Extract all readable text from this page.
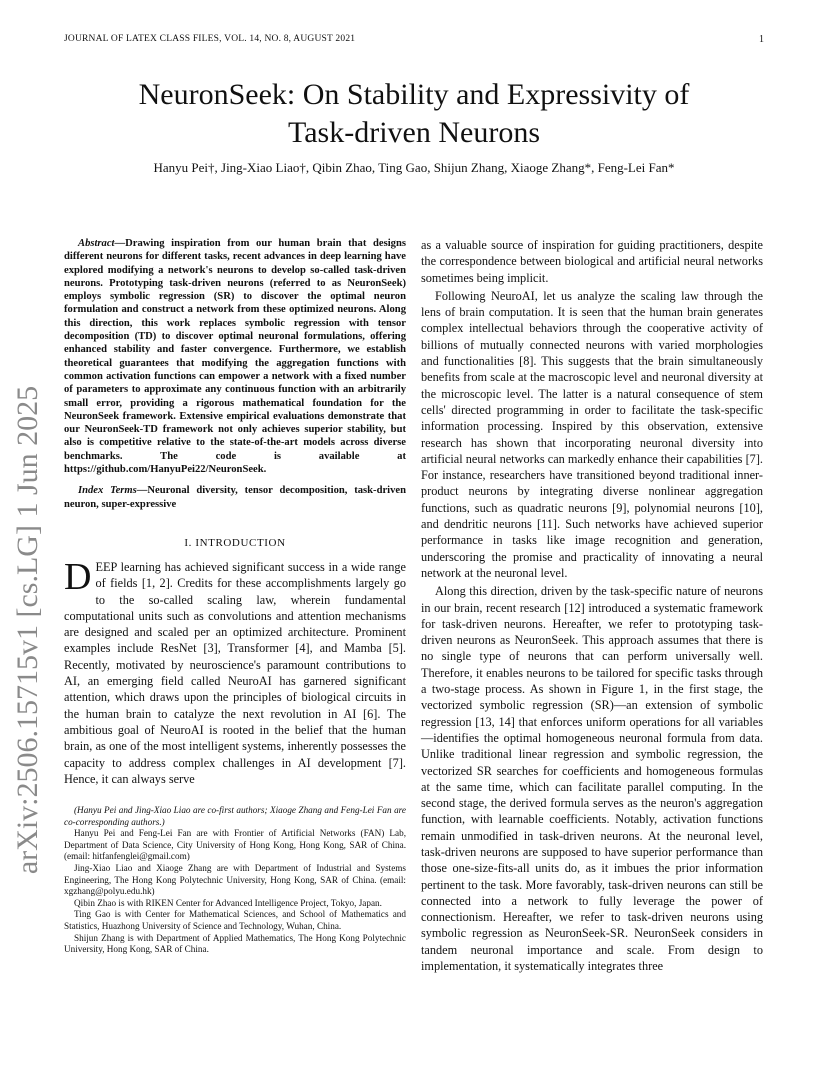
JOURNAL OF LATEX CLASS FILES, VOL. 14, NO. 8, AUGUST 2021	1
arXiv:2506.15715v1 [cs.LG] 1 Jun 2025
NeuronSeek: On Stability and Expressivity of
Task-driven Neurons
Hanyu Pei†, Jing-Xiao Liao†, Qibin Zhao, Ting Gao, Shijun Zhang, Xiaoge Zhang*, Feng-Lei Fan*

Abstract—Drawing inspiration from our human brain that designs different neurons for different tasks, recent advances in deep learning have explored modifying a network's neurons to develop so-called task-driven neurons. Prototyping task-driven neurons (referred to as NeuronSeek) employs symbolic regression (SR) to discover the optimal neuron formulation and construct a network from these optimized neurons. Along this direction, this work replaces symbolic regression with tensor decomposition (TD) to discover optimal neuronal formulations, offering enhanced stability and faster convergence. Furthermore, we establish theoretical guarantees that modifying the aggregation functions with common activation functions can empower a network with a fixed number of parameters to approximate any continuous function with an arbitrarily small error, providing a rigorous mathematical foundation for the NeuronSeek framework. Extensive empirical evaluations demonstrate that our NeuronSeek-TD framework not only achieves superior stability, but also is competitive relative to the state-of-the-art models across diverse benchmarks. The code is available at https://github.com/HanyuPei22/NeuronSeek.

Index Terms—Neuronal diversity, tensor decomposition, task-driven neuron, super-expressive

I. INTRODUCTION

DEEP learning has achieved significant success in a wide range of fields [1, 2]. Credits for these accomplishments largely go to the so-called scaling law, wherein fundamental computational units such as convolutions and attention mechanisms are designed and scaled per an optimized architecture. Prominent examples include ResNet [3], Transformer [4], and Mamba [5]. Recently, motivated by neuroscience's paramount contributions to AI, an emerging field called NeuroAI has garnered significant attention, which draws upon the principles of biological circuits in the human brain to catalyze the next revolution in AI [6]. The ambitious goal of NeuroAI is rooted in the belief that the human brain, as one of the most intelligent systems, inherently possesses the capacity to address complex challenges in AI development [7]. Hence, it can always serve

(Hanyu Pei and Jing-Xiao Liao are co-first authors; Xiaoge Zhang and Feng-Lei Fan are co-corresponding authors.)

Hanyu Pei and Feng-Lei Fan are with Frontier of Artificial Networks (FAN) Lab, Department of Data Science, City University of Hong Kong, Hong Kong, SAR of China. (email: hitfanfenglei@gmail.com)

Jing-Xiao Liao and Xiaoge Zhang are with Department of Industrial and Systems Engineering, The Hong Kong Polytechnic University, Hong Kong, SAR of China. (email: xgzhang@polyu.edu.hk)

Qibin Zhao is with RIKEN Center for Advanced Intelligence Project, Tokyo, Japan.

Ting Gao is with Center for Mathematical Sciences, and School of Mathematics and Statistics, Huazhong University of Science and Technology, Wuhan, China.

Shijun Zhang is with Department of Applied Mathematics, The Hong Kong Polytechnic University, Hong Kong, SAR of China.

as a valuable source of inspiration for guiding practitioners, despite the correspondence between biological and artificial neural networks sometimes being implicit.

Following NeuroAI, let us analyze the scaling law through the lens of brain computation. It is seen that the human brain generates complex intellectual behaviors through the cooperative activity of billions of mutually connected neurons with varied morphologies and functionalities [8]. This suggests that the brain simultaneously benefits from scale at the macroscopic level and neuronal diversity at the microscopic level. The latter is a natural consequence of stem cells' directed programming in order to facilitate the task-specific information processing. Inspired by this observation, extensive research has shown that incorporating neuronal diversity into artificial neural networks can markedly enhance their capabilities [7]. For instance, researchers have transitioned beyond traditional inner-product neurons by integrating diverse nonlinear aggregation functions, such as quadratic neurons [9], polynomial neurons [10], and dendritic neurons [11]. Such networks have achieved superior performance in tasks like image recognition and generation, underscoring the promise and practicality of innovating a neural network at the neuronal level.

Along this direction, driven by the task-specific nature of neurons in our brain, recent research [12] introduced a systematic framework for task-driven neurons. Hereafter, we refer to prototyping task-driven neurons as NeuronSeek. This approach assumes that there is no single type of neurons that can perform universally well. Therefore, it enables neurons to be tailored for specific tasks through a two-stage process. As shown in Figure 1, in the first stage, the vectorized symbolic regression (SR)—an extension of symbolic regression [13, 14] that enforces uniform operations for all variables—identifies the optimal homogeneous neuronal formula from data. Unlike traditional linear regression and symbolic regression, the vectorized SR searches for coefficients and homogeneous formulas at the same time, which can facilitate parallel computing. In the second stage, the derived formula serves as the neuron's aggregation function, with learnable coefficients. Notably, activation functions remain unmodified in task-driven neurons. At the neuronal level, task-driven neurons are supposed to have superior performance than those one-size-fits-all units do, as it imbues the prior information pertinent to the task. More favorably, task-driven neurons can still be connected into a network to fully leverage the power of connectionism. Hereafter, we refer to task-driven neurons using symbolic regression as NeuronSeek-SR. NeuronSeek considers in tandem neuronal importance and scale. From design to implementation, it systematically integrates three
